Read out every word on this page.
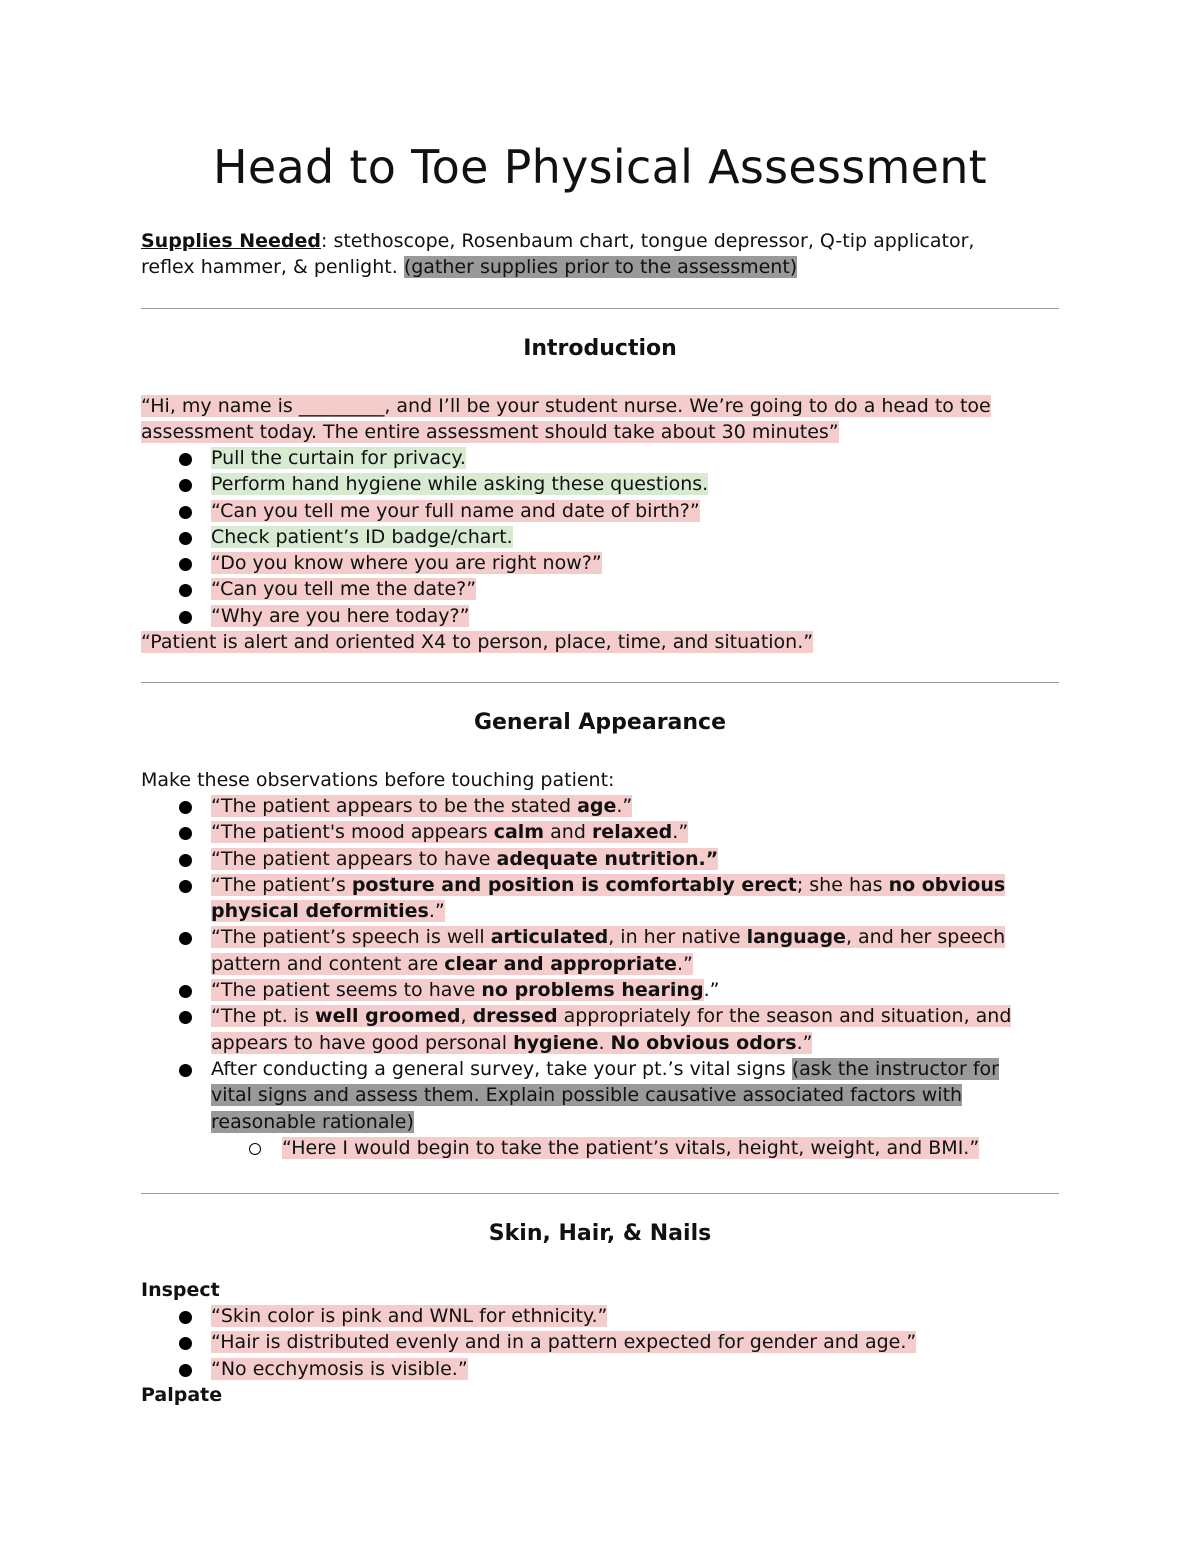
Head to Toe Physical Assessment

Supplies Needed: stethoscope, Rosenbaum chart, tongue depressor, Q-tip applicator,

reflex hammer, & penlight. (gather supplies prior to the assessment)

Introduction

“Hi, my name is _________, and I’ll be your student nurse. We’re going to do a head to toe

assessment today. The entire assessment should take about 30 minutes”

Pull the curtain for privacy.
Perform hand hygiene while asking these questions.
“Can you tell me your full name and date of birth?”
Check patient’s ID badge/chart.
“Do you know where you are right now?”
“Can you tell me the date?”
“Why are you here today?”

“Patient is alert and oriented X4 to person, place, time, and situation.”

General Appearance

Make these observations before touching patient:

“The patient appears to be the stated age.”
“The patient's mood appears calm and relaxed.”
“The patient appears to have adequate nutrition.”
“The patient’s posture and position is comfortably erect; she has no obvious
physical deformities.”
“The patient’s speech is well articulated, in her native language, and her speech
pattern and content are clear and appropriate.”
“The patient seems to have no problems hearing.”
“The pt. is well groomed, dressed appropriately for the season and situation, and
appears to have good personal hygiene. No obvious odors.”
After conducting a general survey, take your pt.’s vital signs (ask the instructor for
vital signs and assess them. Explain possible causative associated factors with
reasonable rationale)
“Here I would begin to take the patient’s vitals, height, weight, and BMI.”
Skin, Hair, & Nails

Inspect

“Skin color is pink and WNL for ethnicity.”
“Hair is distributed evenly and in a pattern expected for gender and age.”
“No ecchymosis is visible.”

Palpate
